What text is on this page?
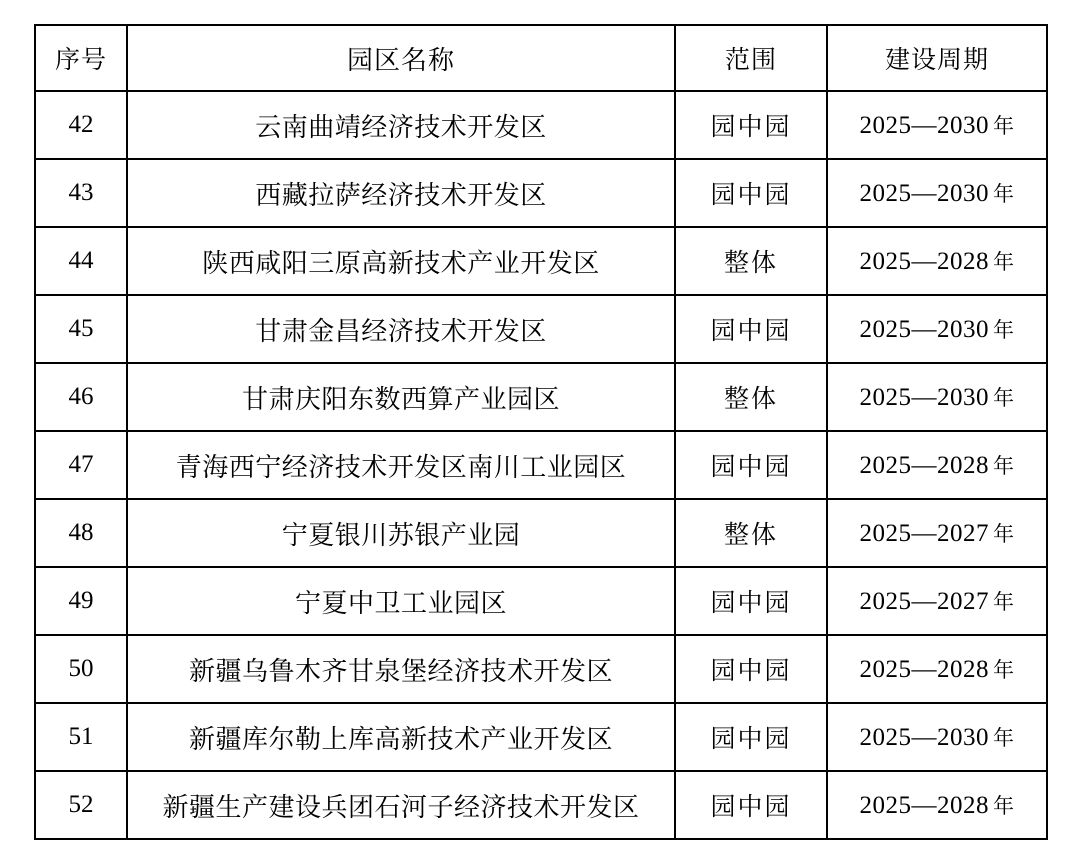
序号	园区名称	范围	建设周期
42	云南曲靖经济技术开发区	园中园	2025—2030 年
43	西藏拉萨经济技术开发区	园中园	2025—2030 年
44	陕西咸阳三原高新技术产业开发区	整体	2025—2028 年
45	甘肃金昌经济技术开发区	园中园	2025—2030 年
46	甘肃庆阳东数西算产业园区	整体	2025—2030 年
47	青海西宁经济技术开发区南川工业园区	园中园	2025—2028 年
48	宁夏银川苏银产业园	整体	2025—2027 年
49	宁夏中卫工业园区	园中园	2025—2027 年
50	新疆乌鲁木齐甘泉堡经济技术开发区	园中园	2025—2028 年
51	新疆库尔勒上库高新技术产业开发区	园中园	2025—2030 年
52	新疆生产建设兵团石河子经济技术开发区	园中园	2025—2028 年
